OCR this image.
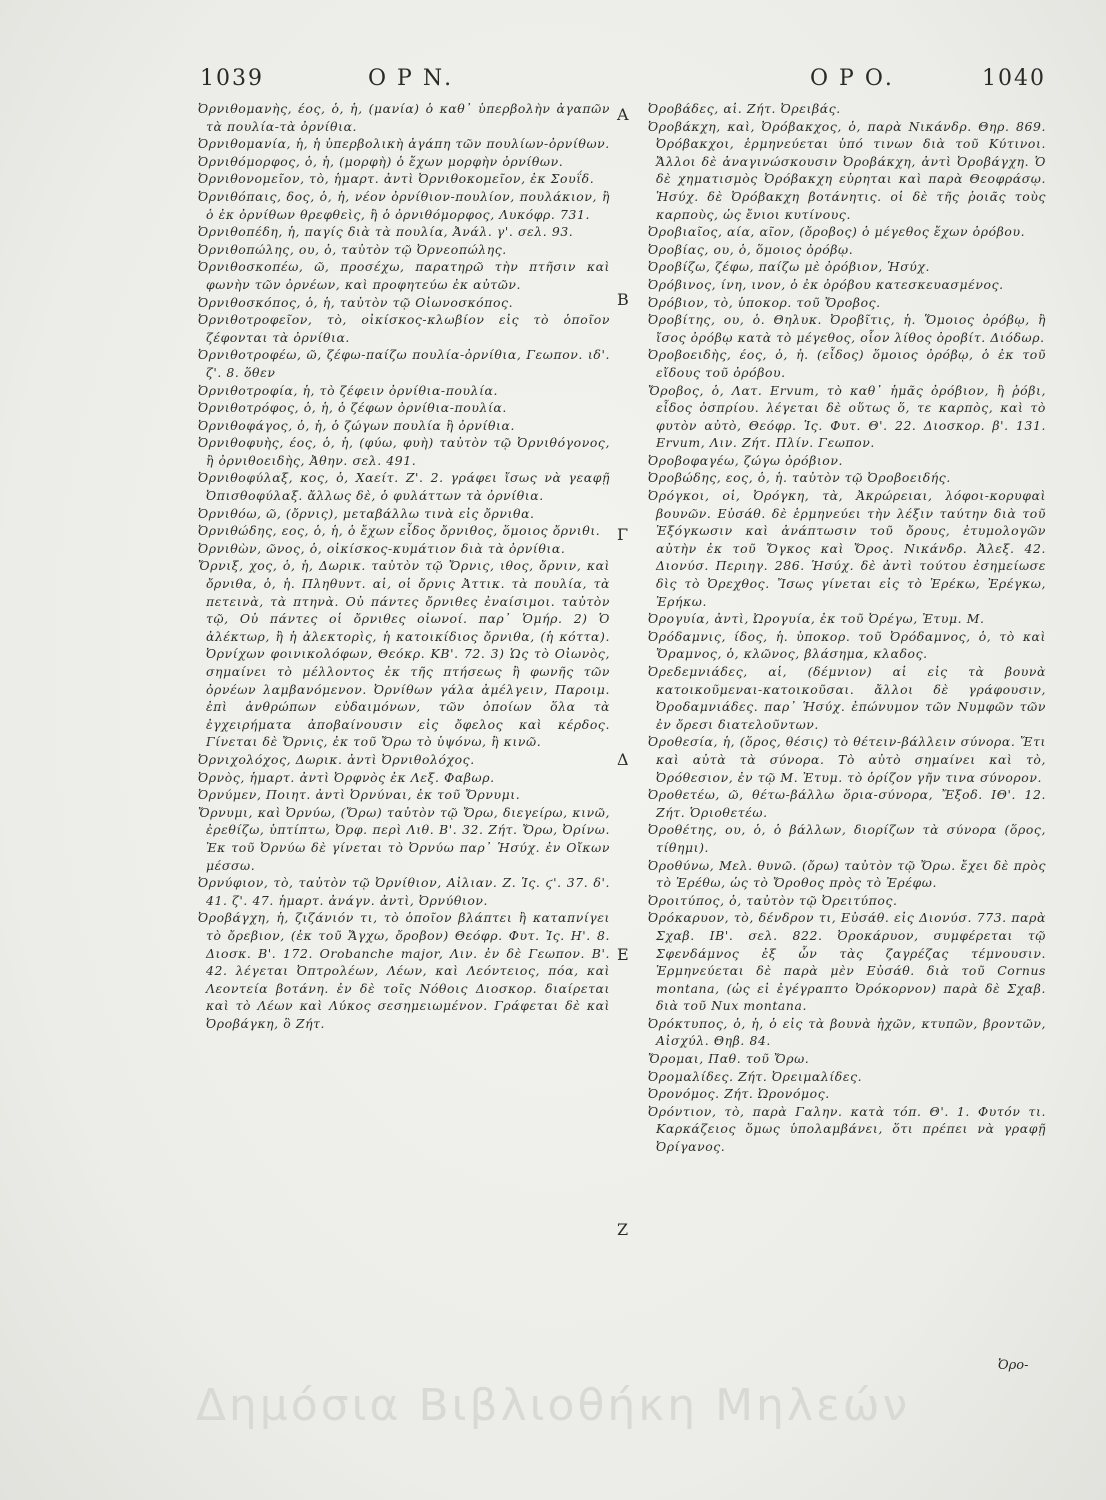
1039	Ο Ρ Ν.	Ο Ρ Ο.	1040

Ὀρνιθομανὴς, έος, ὁ, ἡ, (μανία) ὁ καθ᾿ ὑπερβολὴν ἀγαπῶν τὰ πουλία-τὰ ὀρνίθια.

Ὀρνιθομανία, ἡ, ἡ ὑπερβολικὴ ἀγάπη τῶν πουλίων-ὀρνίθων.

Ὀρνιθόμορφος, ὁ, ἡ, (μορφὴ) ὁ ἔχων μορφὴν ὀρνίθων.

Ὀρνιθονομεῖον, τὸ, ἡμαρτ. ἀντὶ Ὀρνιθοκομεῖον, ἐκ Σουΐδ.

Ὀρνιθόπαις, δος, ὁ, ἡ, νέον ὀρνίθιον-πουλίον, πουλάκιον, ἢ ὁ ἐκ ὀρνίθων θρεφθεὶς, ἢ ὁ ὀρνιθόμορφος, Λυκόφρ. 731.

Ὀρνιθοπέδη, ἡ, παγίς διὰ τὰ πουλία, Ἀνάλ. γ'. σελ. 93.

Ὀρνιθοπώλης, ου, ὁ, ταὐτὸν τῷ Ὀρνεοπώλης.

Ὀρνιθοσκοπέω, ῶ, προσέχω, παρατηρῶ τὴν πτῆσιν καὶ φωνὴν τῶν ὀρνέων, καὶ προφητεύω ἐκ αὐτῶν.

Ὀρνιθοσκόπος, ὁ, ἡ, ταὐτὸν τῷ Οἰωνοσκόπος.

Ὀρνιθοτροφεῖον, τὸ, οἰκίσκος-κλωβίον εἰς τὸ ὁποῖον ζέφονται τὰ ὀρνίθια.

Ὀρνιθοτροφέω, ῶ, ζέφω-παίζω πουλία-ὀρνίθια, Γεωπον. ιδ'. ζ'. 8. ὅθεν

Ὀρνιθοτροφία, ἡ, τὸ ζέφειν ὀρνίθια-πουλία.

Ὀρνιθοτρόφος, ὁ, ἡ, ὁ ζέφων ὀρνίθια-πουλία.

Ὀρνιθοφάγος, ὁ, ἡ, ὁ ζώγων πουλία ἢ ὀρνίθια.

Ὀρνιθοφυὴς, έος, ὁ, ἡ, (φύω, φυὴ) ταὐτὸν τῷ Ὀρνιθόγονος, ἢ ὀρνιθοειδὴς, Ἀθην. σελ. 491.

Ὀρνιθοφύλαξ, κος, ὁ, Χαείτ. Ζ'. 2. γράφει ἴσως νὰ γεαφῇ Ὀπισθοφύλαξ. ἄλλως δὲ, ὁ φυλάττων τὰ ὀρνίθια.

Ὀρνιθόω, ῶ, (ὄρνις), μεταβάλλω τινὰ εἰς ὄρνιθα.

Ὀρνιθώδης, εος, ὁ, ἡ, ὁ ἔχων εἶδος ὄρνιθος, ὅμοιος ὄρνιθι.

Ὀρνιθὼν, ῶνος, ὁ, οἰκίσκος-κυμάτιον διὰ τὰ ὀρνίθια.

Ὄρνιξ, χος, ὁ, ἡ, Δωρικ. ταὐτὸν τῷ Ὄρνις, ιθος, ὄρνιν, καὶ ὄρνιθα, ὁ, ἡ. Πληθυντ. αἱ, οἱ ὄρνις Ἀττικ. τὰ πουλία, τὰ πετεινὰ, τὰ πτηνὰ. Οὐ πάντες ὄρνιθες ἐναίσιμοι. ταὐτὸν τῷ, Οὐ πάντες οἱ ὄρνιθες οἰωνοί. παρ᾿ Ὁμήρ. 2) Ὁ ἀλέκτωρ, ἢ ἡ ἀλεκτορὶς, ἡ κατοικίδιος ὄρνιθα, (ἡ κόττα). Ὀρνίχων φοινικολόφων, Θεόκρ. ΚΒ'. 72. 3) Ὡς τὸ Οἰωνὸς, σημαίνει τὸ μέλλοντος ἐκ τῆς πτήσεως ἢ φωνῆς τῶν ὀρνέων λαμβανόμενον. Ὀρνίθων γάλα ἀμέλγειν, Παροιμ. ἐπὶ ἀνθρώπων εὐδαιμόνων, τῶν ὁποίων ὅλα τὰ ἐγχειρήματα ἀποβαίνουσιν εἰς ὄφελος καὶ κέρδος. Γίνεται δὲ Ὄρνις, ἐκ τοῦ Ὄρω τὸ ὑψόνω, ἢ κινῶ.

Ὀρνιχολόχος, Δωρικ. ἀντὶ Ὀρνιθολόχος.

Ὀρνὸς, ἡμαρτ. ἀντὶ Ὀρφνὸς ἐκ Λεξ. Φαβωρ.

Ὀρνύμεν, Ποιητ. ἀντὶ Ὀρνύναι, ἐκ τοῦ Ὄρνυμι.

Ὄρνυμι, καὶ Ὀρνύω, (Ὄρω) ταὐτὸν τῷ Ὄρω, διεγείρω, κινῶ, ἐρεθίζω, ὑπτίπτω, Ὀρφ. περὶ Λιθ. Β'. 32. Ζήτ. Ὄρω, Ὀρίνω. Ἐκ τοῦ Ὀρνύω δὲ γίνεται τὸ Ὀρνύω παρ᾿ Ἡσύχ. ἐν Οἴκων μέσσω.

Ὀρνύφιον, τὸ, ταὐτὸν τῷ Ὀρνίθιον, Αἰλιαν. Ζ. Ἱς. ϛ'. 37. δ'. 41. ζ'. 47. ἡμαρτ. ἀνάγν. ἀντὶ, Ὀρνύθιον.

Ὀροβάγχη, ἡ, ζιζάνιόν τι, τὸ ὁποῖον βλάπτει ἢ καταπνίγει τὸ ὄρεβιον, (ἐκ τοῦ Ἄγχω, ὄροβον) Θεόφρ. Φυτ. Ἱς. Η'. 8. Διοσκ. Β'. 172. Orobanche major, Λιν. ἐν δὲ Γεωπον. Β'. 42. λέγεται Ὀπτρολέων, Λέων, καὶ Λεόντειος, πόα, καὶ Λεοντεία βοτάνη. ἐν δὲ τοῖς Νόθοις Διοσκορ. διαίρεται καὶ τὸ Λέων καὶ Λύκος σεσημειωμένον. Γράφεται δὲ καὶ Ὀροβάγκη, ὃ Ζήτ.

Α
Β
Γ
Δ
Ε
Ζ

Ὀροβάδες, αἱ. Ζήτ. Ὀρειβάς.

Ὀροβάκχη, καὶ, Ὀρόβακχος, ὁ, παρὰ Νικάνδρ. Θηρ. 869. Ὀρόβακχοι, ἑρμηνεύεται ὑπό τινων διὰ τοῦ Κύτινοι. Ἄλλοι δὲ ἀναγινώσκουσιν Ὀροβάκχη, ἀντὶ Ὀροβάγχη. Ὁ δὲ χηματισμὸς Ὀρόβακχη εὑρηται καὶ παρὰ Θεοφράσῳ. Ἡσύχ. δὲ Ὀρόβακχη βοτάνητις. οἱ δὲ τῆς ῥοιᾶς τοὺς καρποὺς, ὡς ἔνιοι κυτίνους.

Ὀροβιαῖος, αία, αῖον, (ὄροβος) ὁ μέγεθος ἔχων ὀρόβου.

Ὀροβίας, ου, ὁ, ὅμοιος ὀρόβῳ.

Ὀροβίζω, ζέφω, παίζω μὲ ὀρόβιον, Ἡσύχ.

Ὀρόβινος, ίνη, ινον, ὁ ἐκ ὀρόβου κατεσκευασμένος.

Ὀρόβιον, τὸ, ὑποκορ. τοῦ Ὄροβος.

Ὀροβίτης, ου, ὁ. Θηλυκ. Ὀροβῖτις, ἡ. Ὅμοιος ὀρόβῳ, ἢ ἴσος ὀρόβῳ κατὰ τὸ μέγεθος, οἷον λίθος ὀροβίτ. Διόδωρ.

Ὀροβοειδὴς, έος, ὁ, ἡ. (εἶδος) ὅμοιος ὀρόβῳ, ὁ ἐκ τοῦ εἴδους τοῦ ὀρόβου.

Ὄροβος, ὁ, Λατ. Ervum, τὸ καθ᾿ ἡμᾶς ὀρόβιον, ἢ ῥόβι, εἶδος ὀσπρίου. λέγεται δὲ οὕτως ὅ, τε καρπὸς, καὶ τὸ φυτὸν αὐτὸ, Θεόφρ. Ἱς. Φυτ. Θ'. 22. Διοσκορ. β'. 131. Ervum, Λιν. Ζήτ. Πλίν. Γεωπον.

Ὀροβοφαγέω, ζώγω ὀρόβιον.

Ὀροβώδης, εος, ὁ, ἡ. ταὐτὸν τῷ Ὀροβοειδής.

Ὀρόγκοι, οἱ, Ὀρόγκη, τὰ, Ἀκρώρειαι, λόφοι-κορυφαὶ βουνῶν. Εὐσάθ. δὲ ἑρμηνεύει τὴν λέξιν ταύτην διὰ τοῦ Ἐξόγκωσιν καὶ ἀνάπτωσιν τοῦ ὄρους, ἐτυμολογῶν αὐτὴν ἐκ τοῦ Ὄγκος καὶ Ὄρος. Νικάνδρ. Ἀλεξ. 42. Διονύσ. Περιηγ. 286. Ἡσύχ. δὲ ἀντὶ τούτου ἐσημείωσε δὶς τὸ Ὀρεχθος. Ἴσως γίνεται εἰς τὸ Ἐρέκω, Ἐρέγκω, Ἐρήκω.

Ὀρογυία, ἀντὶ, Ὠρογυία, ἐκ τοῦ Ὀρέγω, Ἐτυμ. Μ.

Ὀρόδαμνις, ίδος, ἡ. ὑποκορ. τοῦ Ὀρόδαμνος, ὁ, τὸ καὶ Ὄραμνος, ὁ, κλῶνος, βλάσημα, κλαδος.

Ὀρεδεμνιάδες, αἱ, (δέμνιον) αἱ εἰς τὰ βουνὰ κατοικοῦμεναι-κατοικοῦσαι. ἄλλοι δὲ γράφουσιν, Ὀροδαμνιάδες. παρ᾿ Ἡσύχ. ἐπώνυμον τῶν Νυμφῶν τῶν ἐν ὄρεσι διατελοῦντων.

Ὀροθεσία, ἡ, (ὅρος, θέσις) τὸ θέτειν-βάλλειν σύνορα. Ἔτι καὶ αὐτὰ τὰ σύνορα. Τὸ αὐτὸ σημαίνει καὶ τὸ, Ὀρόθεσιον, ἐν τῷ Μ. Ἐτυμ. τὸ ὁρίζον γῆν τινα σύνορον.

Ὀροθετέω, ῶ, θέτω-βάλλω ὅρια-σύνορα, Ἔξοδ. ΙΘ'. 12. Ζήτ. Ὁριοθετέω.

Ὀροθέτης, ου, ὁ, ὁ βάλλων, διορίζων τὰ σύνορα (ὅρος, τίθημι).

Ὀροθύνω, Μελ. θυνῶ. (ὄρω) ταὐτὸν τῷ Ὄρω. ἔχει δὲ πρὸς τὸ Ἐρέθω, ὡς τὸ Ὄροθος πρὸς τὸ Ἐρέφω.

Ὀροιτύπος, ὁ, ταὐτὸν τῷ Ὀρειτύπος.

Ὀρόκαρυον, τὸ, δένδρον τι, Εὐσάθ. εἰς Διονύσ. 773. παρὰ Σχαβ. ΙΒ'. σελ. 822. Ὀροκάρυον, συμφέρεται τῷ Σφενδάμνος ἐξ ὧν τὰς ζαγρέζας τέμνουσιν. Ἑρμηνεύεται δὲ παρὰ μὲν Εὐσάθ. διὰ τοῦ Cornus montana, (ὡς εἰ ἐγέγραπτο Ὀρόκορνον) παρὰ δὲ Σχαβ. διὰ τοῦ Nux montana.

Ὀρόκτυπος, ὁ, ἡ, ὁ εἰς τὰ βουνὰ ἠχῶν, κτυπῶν, βροντῶν, Αἰσχύλ. Θηβ. 84.

Ὄρομαι, Παθ. τοῦ Ὄρω.

Ὀρομαλίδες. Ζήτ. Ὀρειμαλίδες.

Ὀρονόμος. Ζήτ. Ὠρονόμος.

Ὀρόντιον, τὸ, παρὰ Γαλην. κατὰ τόπ. Θ'. 1. Φυτόν τι. Καρκάζειος ὅμως ὑπολαμβάνει, ὅτι πρέπει νὰ γραφῇ Ὀρίγανος.

Ὀρο-
Δημόσια Βιβλιοθήκη Μηλεών
